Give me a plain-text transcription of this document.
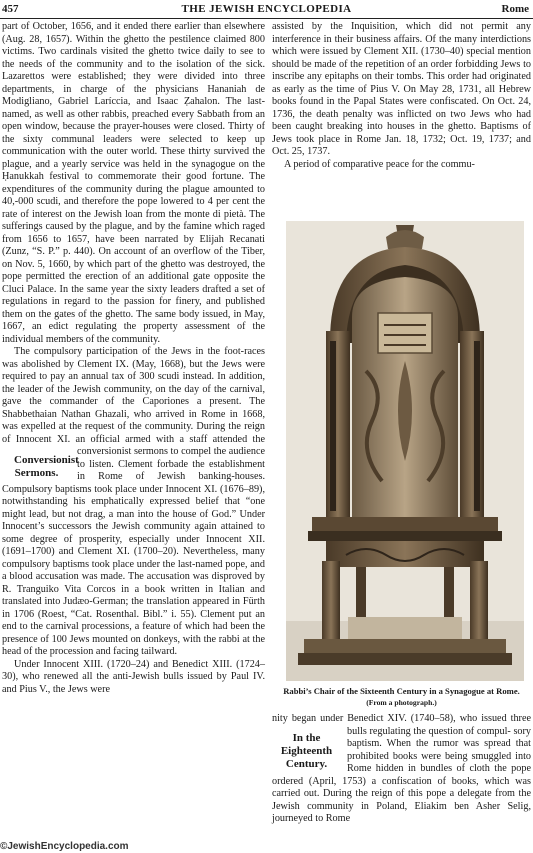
457	THE JEWISH ENCYCLOPEDIA	Rome

part of October, 1656, and it ended there earlier than elsewhere (Aug. 28, 1657). Within the ghetto the pestilence claimed 800 victims. Two cardinals visited the ghetto twice daily to see to the needs of the community and to the isolation of the sick. Lazarettos were established; they were divided into three departments, in charge of the physicians Hananiah de Modigliano, Gabriel Laríccia, and Isaac Ẓahalon. The last-named, as well as other rabbis, preached every Sabbath from an open window, because the prayer-houses were closed. Thirty of the sixty communal leaders were selected to keep up communication with the outer world. These thirty survived the plague, and a yearly service was held in the synagogue on the Ḥanukkah festival to commemorate their good fortune. The expenditures of the community during the plague amounted to 40,-000 scudi, and therefore the pope lowered to 4 per cent the rate of interest on the Jewish loan from the monte di pietà. The sufferings caused by the plague, and by the famine which raged from 1656 to 1657, have been narrated by Elijah Recanati (Zunz, “S. P.” p. 440). On account of an overflow of the Tiber, on Nov. 5, 1660, by which part of the ghetto was destroyed, the pope permitted the erection of an additional gate opposite the Cluci Palace. In the same year the sixty leaders drafted a set of regulations in regard to the passion for finery, and published them on the gates of the ghetto. The same body issued, in May, 1667, an edict regulating the property assessment of the individual members of the community.

The compulsory participation of the Jews in the foot-races was abolished by Clement IX. (May, 1668), but the Jews were required to pay an annual tax of 300 scudi instead. In addition, the leader of the Jewish community, on the day of the carnival, gave the commander of the Caporiones a present. The Shabbethaian Nathan Ghazali, who arrived in Rome in 1668, was expelled at the request of the community. During the reign of Innocent XI. an official armed with a staff attended the
Conversionist Sermons.
conversionist sermons to compel the audience to listen. Clement forbade the establishment in Rome of Jewish banking-houses. Compulsory baptisms took place under Innocent XI. (1676–89), notwithstanding his emphatically expressed belief that “one might lead, but not drag, a man into the house of God.” Under Innocent’s successors the Jewish community again attained to some degree of prosperity, especially under Innocent XII. (1691–1700) and Clement XI. (1700–20). Nevertheless, many compulsory baptisms took place under the last-named pope, and a blood accusation was made. The accusation was disproved by R. Tranguiko Vita Corcos in a book written in Italian and translated into Judæo-German; the translation appeared in Fürth in 1706 (Roest, “Cat. Rosenthal. Bibl.” i. 55). Clement put an end to the carnival processions, a feature of which had been the presence of 100 Jews mounted on donkeys, with the rabbi at the head of the procession and facing tailward.

Under Innocent XIII. (1720–24) and Benedict XIII. (1724–30), who renewed all the anti-Jewish bulls issued by Paul IV. and Pius V., the Jews were

assisted by the Inquisition, which did not permit any interference in their business affairs. Of the many interdictions which were issued by Clement XII. (1730–40) special mention should be made of the repetition of an order forbidding Jews to inscribe any epitaphs on their tombs. This order had originated as early as the time of Pius V. On May 28, 1731, all Hebrew books found in the Papal States were confiscated. On Oct. 24, 1736, the death penalty was inflicted on two Jews who had been caught breaking into houses in the ghetto. Baptisms of Jews took place in Rome Jan. 18, 1732; Oct. 19, 1737; and Oct. 25, 1737.

A period of comparative peace for the commu-

Rabbi’s Chair of the Sixteenth Century in a Synagogue at Rome.
(From a photograph.)

nity began under Benedict XIV. (1740–58), who issued three bulls regulating the question of compul-
In the Eighteenth Century.
sory baptism. When the rumor was spread that prohibited books were being smuggled into Rome hidden in bundles of cloth the pope ordered (April, 1753) a confiscation of books, which was carried out. During the reign of this pope a delegate from the Jewish community in Poland, Eliakim ben Asher Selig, journeyed to Rome

©JewishEncyclopedia.com
